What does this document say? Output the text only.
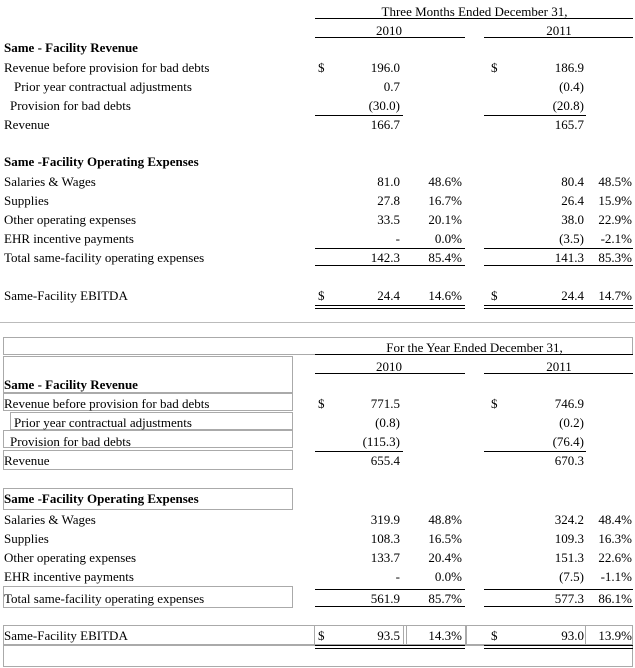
Three Months Ended December 31,
2010	2011
Same - Facility Revenue
Revenue before provision for bad debts	$	196.0	$	186.9
Prior year contractual adjustments	0.7	(0.4)
Provision for bad debts	(30.0)	(20.8)
Revenue	166.7	165.7
Same -Facility Operating Expenses
Salaries & Wages	81.0	48.6%	80.4	48.5%
Supplies	27.8	16.7%	26.4	15.9%
Other operating expenses	33.5	20.1%	38.0	22.9%
EHR incentive payments	-	0.0%	(3.5)	-2.1%
Total same-facility operating expenses	142.3	85.4%	141.3	85.3%
Same-Facility EBITDA	$	24.4	14.6% $	24.4	14.7%
For the Year Ended December 31,
2010	2011
Same - Facility Revenue
Revenue before provision for bad debts	$	771.5	$	746.9
Prior year contractual adjustments	(0.8)	(0.2)
Provision for bad debts	(115.3)	(76.4)
Revenue	655.4	670.3
Same -Facility Operating Expenses
Salaries & Wages	319.9	48.8%	324.2	48.4%
Supplies	108.3	16.5%	109.3	16.3%
Other operating expenses	133.7	20.4%	151.3	22.6%
EHR incentive payments	-	0.0%	(7.5)	-1.1%
Total same-facility operating expenses	561.9	85.7%	577.3	86.1%
Same-Facility EBITDA	$	93.5	14.3% $	93.0	13.9%
